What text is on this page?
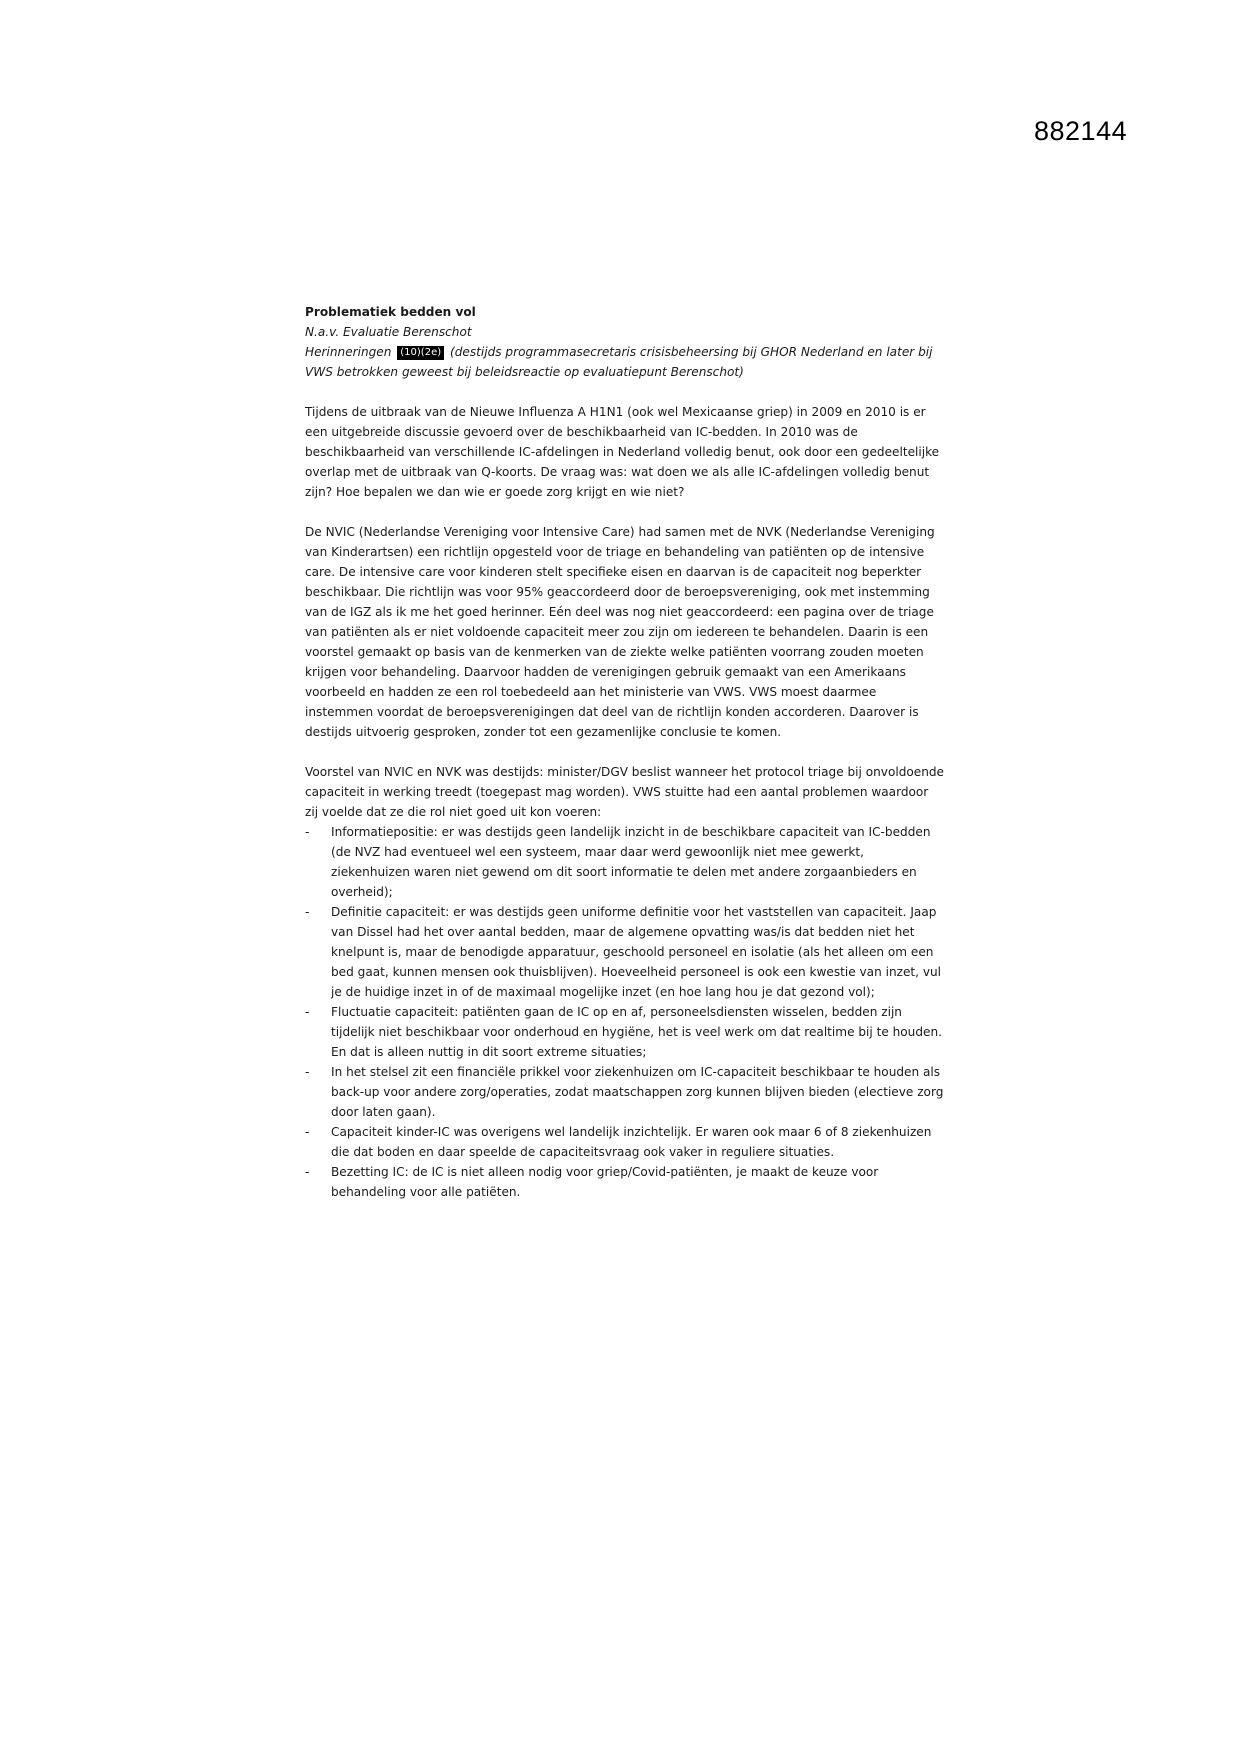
882144

Problematiek bedden vol

N.a.v. Evaluatie Berenschot

Herinneringen (10)(2e) (destijds programmasecretaris crisisbeheersing bij GHOR Nederland en later bij VWS betrokken geweest bij beleidsreactie op evaluatiepunt Berenschot)

Tijdens de uitbraak van de Nieuwe Influenza A H1N1 (ook wel Mexicaanse griep) in 2009 en 2010 is er een uitgebreide discussie gevoerd over de beschikbaarheid van IC-bedden. In 2010 was de beschikbaarheid van verschillende IC-afdelingen in Nederland volledig benut, ook door een gedeeltelijke overlap met de uitbraak van Q-koorts. De vraag was: wat doen we als alle IC-afdelingen volledig benut zijn? Hoe bepalen we dan wie er goede zorg krijgt en wie niet?

De NVIC (Nederlandse Vereniging voor Intensive Care) had samen met de NVK (Nederlandse Vereniging van Kinderartsen) een richtlijn opgesteld voor de triage en behandeling van patiënten op de intensive care. De intensive care voor kinderen stelt specifieke eisen en daarvan is de capaciteit nog beperkter beschikbaar. Die richtlijn was voor 95% geaccordeerd door de beroepsvereniging, ook met instemming van de IGZ als ik me het goed herinner. Eén deel was nog niet geaccordeerd: een pagina over de triage van patiënten als er niet voldoende capaciteit meer zou zijn om iedereen te behandelen. Daarin is een voorstel gemaakt op basis van de kenmerken van de ziekte welke patiënten voorrang zouden moeten krijgen voor behandeling. Daarvoor hadden de verenigingen gebruik gemaakt van een Amerikaans voorbeeld en hadden ze een rol toebedeeld aan het ministerie van VWS. VWS moest daarmee instemmen voordat de beroepsverenigingen dat deel van de richtlijn konden accorderen. Daarover is destijds uitvoerig gesproken, zonder tot een gezamenlijke conclusie te komen.

Voorstel van NVIC en NVK was destijds: minister/DGV beslist wanneer het protocol triage bij onvoldoende capaciteit in werking treedt (toegepast mag worden). VWS stuitte had een aantal problemen waardoor zij voelde dat ze die rol niet goed uit kon voeren:

- Informatiepositie: er was destijds geen landelijk inzicht in de beschikbare capaciteit van IC-bedden (de NVZ had eventueel wel een systeem, maar daar werd gewoonlijk niet mee gewerkt, ziekenhuizen waren niet gewend om dit soort informatie te delen met andere zorgaanbieders en overheid);
- Definitie capaciteit: er was destijds geen uniforme definitie voor het vaststellen van capaciteit. Jaap van Dissel had het over aantal bedden, maar de algemene opvatting was/is dat bedden niet het knelpunt is, maar de benodigde apparatuur, geschoold personeel en isolatie (als het alleen om een bed gaat, kunnen mensen ook thuisblijven). Hoeveelheid personeel is ook een kwestie van inzet, vul je de huidige inzet in of de maximaal mogelijke inzet (en hoe lang hou je dat gezond vol);
- Fluctuatie capaciteit: patiënten gaan de IC op en af, personeelsdiensten wisselen, bedden zijn tijdelijk niet beschikbaar voor onderhoud en hygiëne, het is veel werk om dat realtime bij te houden. En dat is alleen nuttig in dit soort extreme situaties;
- In het stelsel zit een financiële prikkel voor ziekenhuizen om IC-capaciteit beschikbaar te houden als back-up voor andere zorg/operaties, zodat maatschappen zorg kunnen blijven bieden (electieve zorg door laten gaan).
- Capaciteit kinder-IC was overigens wel landelijk inzichtelijk. Er waren ook maar 6 of 8 ziekenhuizen die dat boden en daar speelde de capaciteitsvraag ook vaker in reguliere situaties.
- Bezetting IC: de IC is niet alleen nodig voor griep/Covid-patiënten, je maakt de keuze voor behandeling voor alle patiëten.
